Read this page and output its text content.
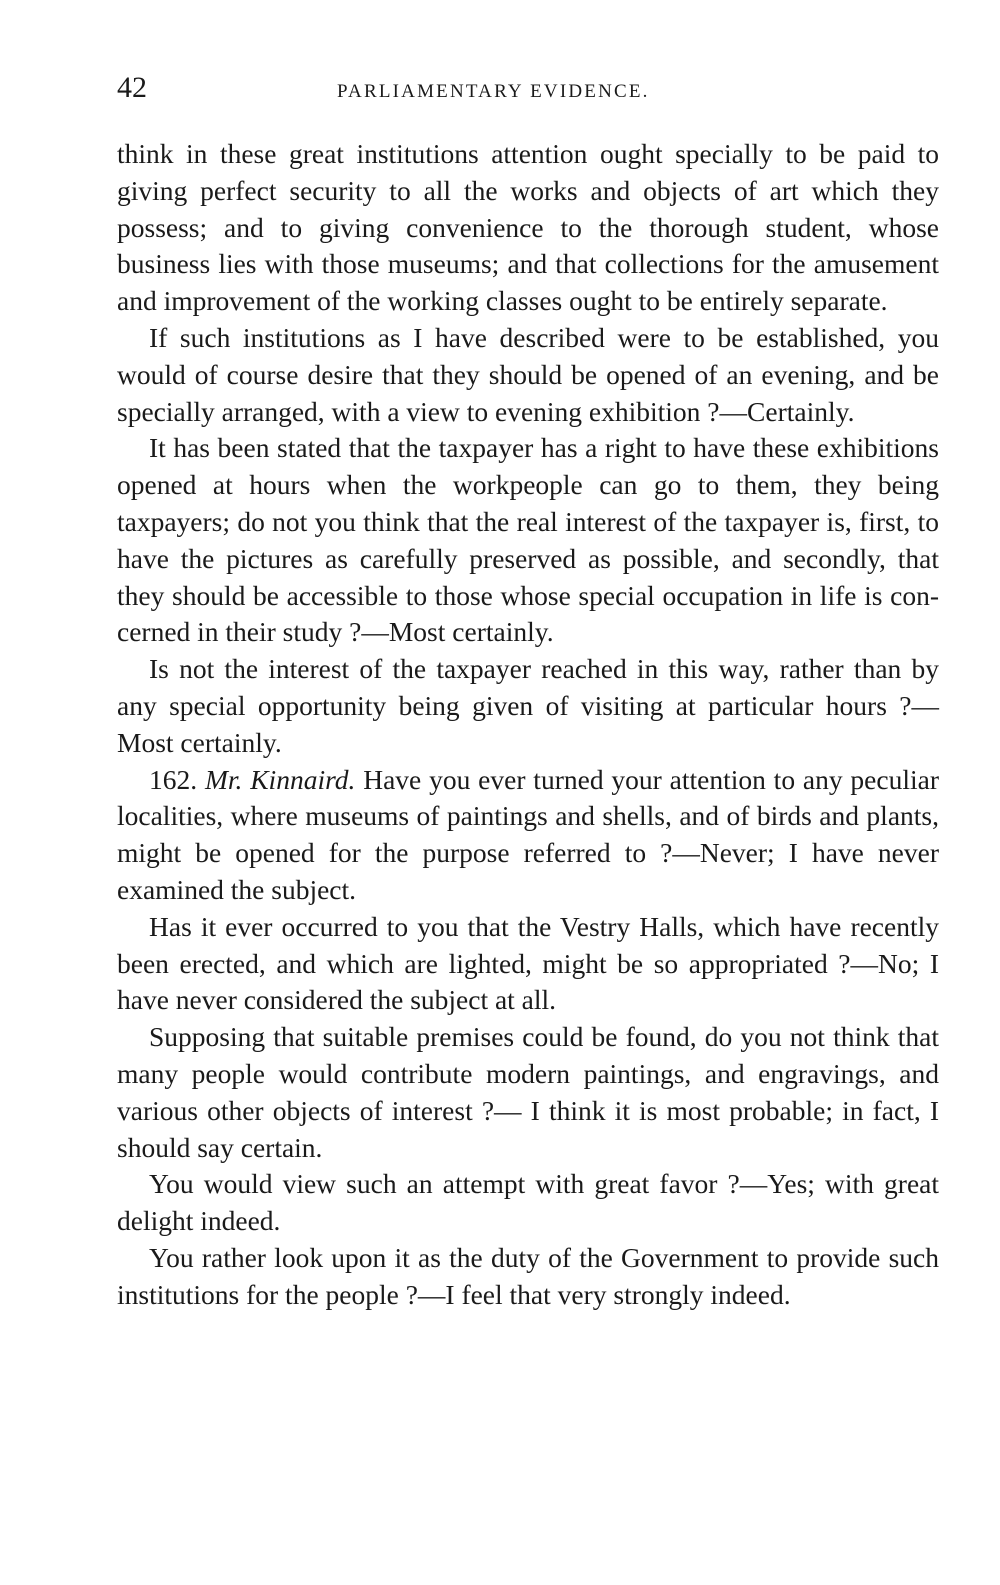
42	PARLIAMENTARY EVIDENCE.

think in these great institutions attention ought specially to be paid to giving perfect security to all the works and objects of art which they possess; and to giving convenience to the thorough student, whose business lies with those museums; and that collections for the amusement and improvement of the working classes ought to be entirely separate.

If such institutions as I have described were to be established, you would of course desire that they should be opened of an evening, and be specially arranged, with a view to evening exhibition ?—Certainly.

It has been stated that the taxpayer has a right to have these exhibitions opened at hours when the workpeople can go to them, they being taxpayers; do not you think that the real interest of the taxpayer is, first, to have the pictures as carefully preserved as possible, and secondly, that they should be accessible to those whose special occupation in life is concerned in their study ?—Most certainly.

Is not the interest of the taxpayer reached in this way, rather than by any special opportunity being given of visiting at particular hours ?—Most certainly.

162. Mr. Kinnaird. Have you ever turned your attention to any peculiar localities, where museums of paintings and shells, and of birds and plants, might be opened for the purpose referred to ?—Never; I have never examined the subject.

Has it ever occurred to you that the Vestry Halls, which have recently been erected, and which are lighted, might be so appropriated ?—No; I have never considered the subject at all.

Supposing that suitable premises could be found, do you not think that many people would contribute modern paintings, and engravings, and various other objects of interest ?— I think it is most probable; in fact, I should say certain.

You would view such an attempt with great favor ?—Yes; with great delight indeed.

You rather look upon it as the duty of the Government to provide such institutions for the people ?—I feel that very strongly indeed.
